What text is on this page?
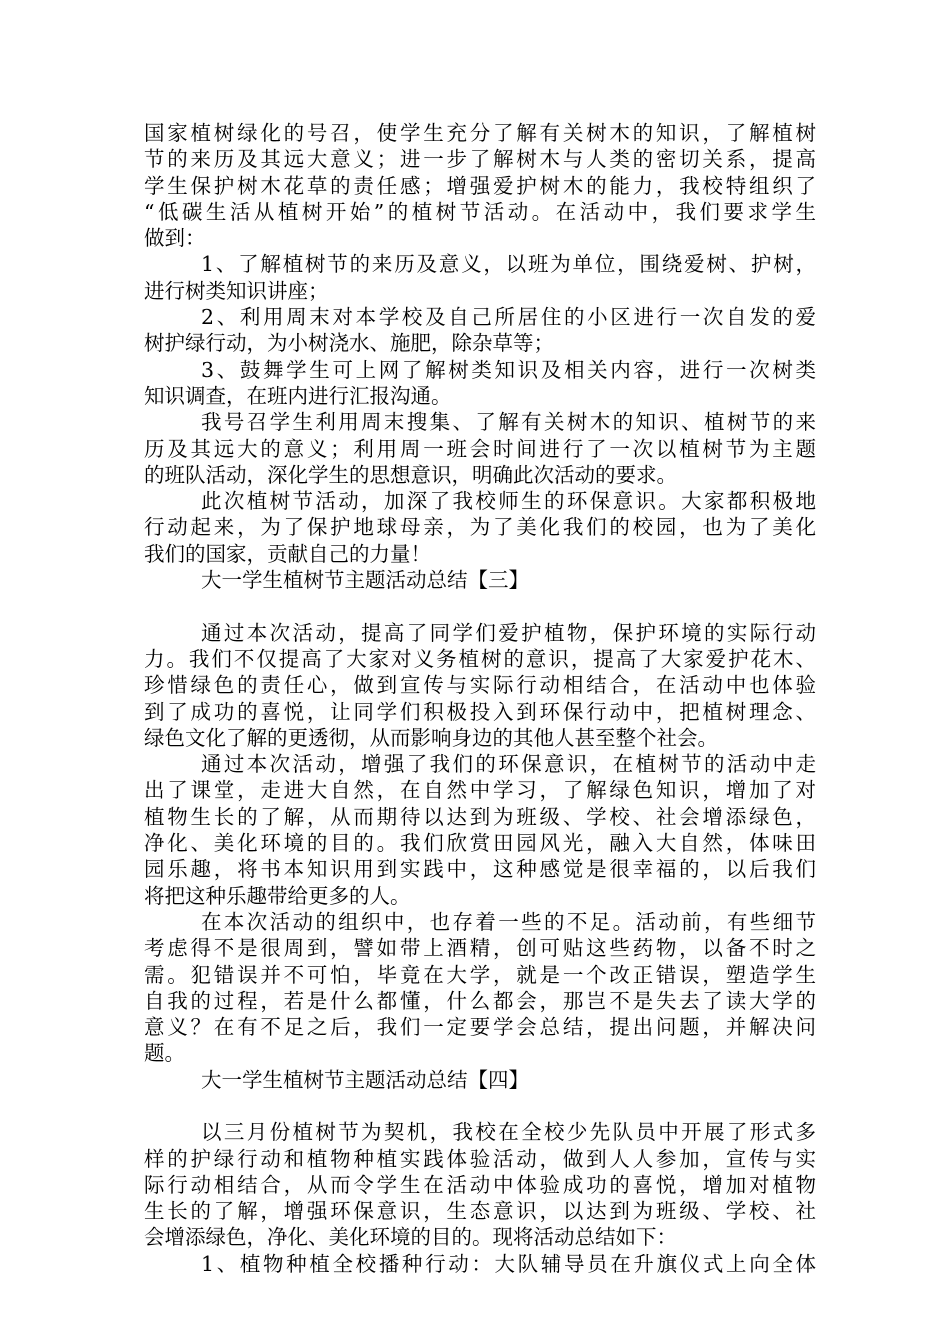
国家植树绿化的号召，使学生充分了解有关树木的知识，了解植树
节的来历及其远大意义；进一步了解树木与人类的密切关系，提高
学生保护树木花草的责任感；增强爱护树木的能力，我校特组织了
“低碳生活从植树开始”的植树节活动。在活动中，我们要求学生
做到：
1、了解植树节的来历及意义，以班为单位，围绕爱树、护树，
进行树类知识讲座；
2、利用周末对本学校及自己所居住的小区进行一次自发的爱
树护绿行动，为小树浇水、施肥，除杂草等；
3、鼓舞学生可上网了解树类知识及相关内容，进行一次树类
知识调查，在班内进行汇报沟通。
我号召学生利用周末搜集、了解有关树木的知识、植树节的来
历及其远大的意义；利用周一班会时间进行了一次以植树节为主题
的班队活动，深化学生的思想意识，明确此次活动的要求。
此次植树节活动，加深了我校师生的环保意识。大家都积极地
行动起来，为了保护地球母亲，为了美化我们的校园，也为了美化
我们的国家，贡献自己的力量！
大一学生植树节主题活动总结【三】
通过本次活动，提高了同学们爱护植物，保护环境的实际行动
力。我们不仅提高了大家对义务植树的意识，提高了大家爱护花木、
珍惜绿色的责任心，做到宣传与实际行动相结合，在活动中也体验
到了成功的喜悦，让同学们积极投入到环保行动中，把植树理念、
绿色文化了解的更透彻，从而影响身边的其他人甚至整个社会。
通过本次活动，增强了我们的环保意识，在植树节的活动中走
出了课堂，走进大自然，在自然中学习，了解绿色知识，增加了对
植物生长的了解，从而期待以达到为班级、学校、社会增添绿色，
净化、美化环境的目的。我们欣赏田园风光，融入大自然，体味田
园乐趣，将书本知识用到实践中，这种感觉是很幸福的，以后我们
将把这种乐趣带给更多的人。
在本次活动的组织中，也存着一些的不足。活动前，有些细节
考虑得不是很周到，譬如带上酒精，创可贴这些药物，以备不时之
需。犯错误并不可怕，毕竟在大学，就是一个改正错误，塑造学生
自我的过程，若是什么都懂，什么都会，那岂不是失去了读大学的
意义？在有不足之后，我们一定要学会总结，提出问题，并解决问
题。
大一学生植树节主题活动总结【四】
以三月份植树节为契机，我校在全校少先队员中开展了形式多
样的护绿行动和植物种植实践体验活动，做到人人参加，宣传与实
际行动相结合，从而令学生在活动中体验成功的喜悦，增加对植物
生长的了解，增强环保意识，生态意识，以达到为班级、学校、社
会增添绿色，净化、美化环境的目的。现将活动总结如下：
1、植物种植全校播种行动：大队辅导员在升旗仪式上向全体
